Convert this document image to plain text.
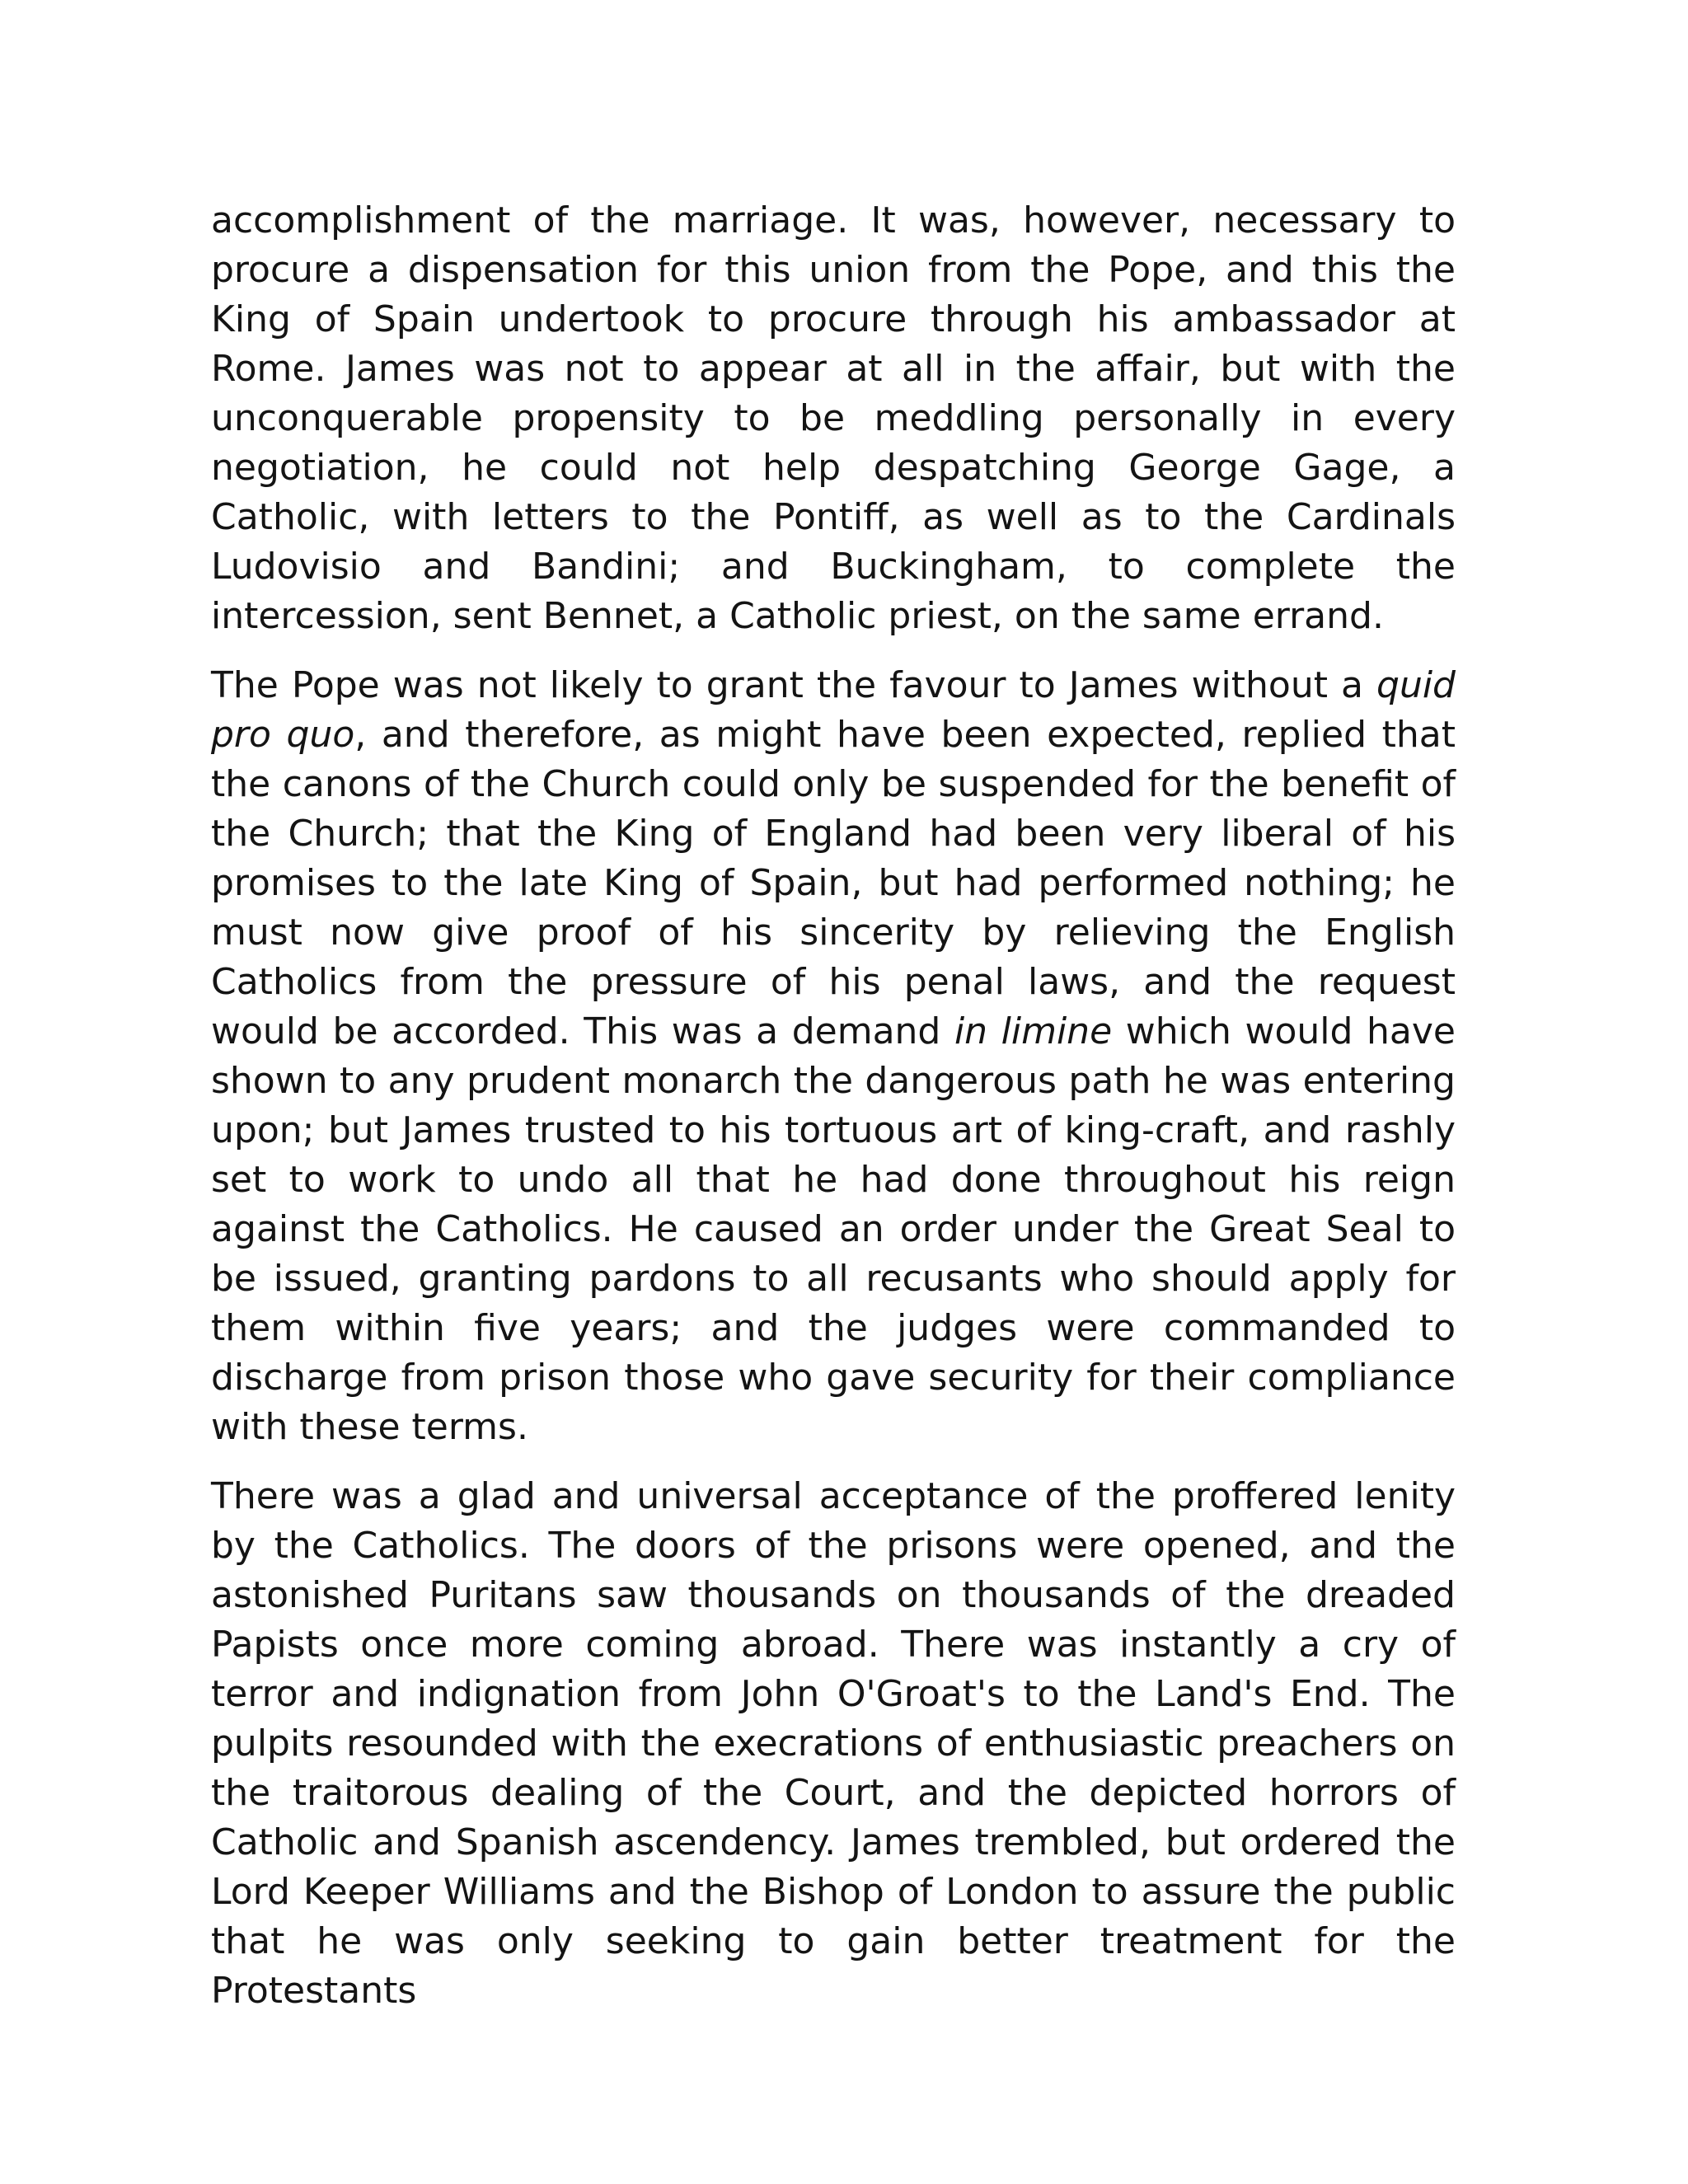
accomplishment of the marriage. It was, however, necessary to procure a dispensation for this union from the Pope, and this the King of Spain undertook to procure through his ambassador at Rome. James was not to appear at all in the affair, but with the unconquerable propensity to be meddling personally in every negotiation, he could not help despatching George Gage, a Catholic, with letters to the Pontiff, as well as to the Cardinals Ludovisio and Bandini; and Buckingham, to complete the intercession, sent Bennet, a Catholic priest, on the same errand.

The Pope was not likely to grant the favour to James without a quid pro quo, and therefore, as might have been expected, replied that the canons of the Church could only be suspended for the benefit of the Church; that the King of England had been very liberal of his promises to the late King of Spain, but had performed nothing; he must now give proof of his sincerity by relieving the English Catholics from the pressure of his penal laws, and the request would be accorded. This was a demand in limine which would have shown to any prudent monarch the dangerous path he was entering upon; but James trusted to his tortuous art of king-craft, and rashly set to work to undo all that he had done throughout his reign against the Catholics. He caused an order under the Great Seal to be issued, granting pardons to all recusants who should apply for them within five years; and the judges were commanded to discharge from prison those who gave security for their compliance with these terms.

There was a glad and universal acceptance of the proffered lenity by the Catholics. The doors of the prisons were opened, and the astonished Puritans saw thousands on thousands of the dreaded Papists once more coming abroad. There was instantly a cry of terror and indignation from John O'Groat's to the Land's End. The pulpits resounded with the execrations of enthusiastic preachers on the traitorous dealing of the Court, and the depicted horrors of Catholic and Spanish ascendency. James trembled, but ordered the Lord Keeper Williams and the Bishop of London to assure the public that he was only seeking to gain better treatment for the Protestants
